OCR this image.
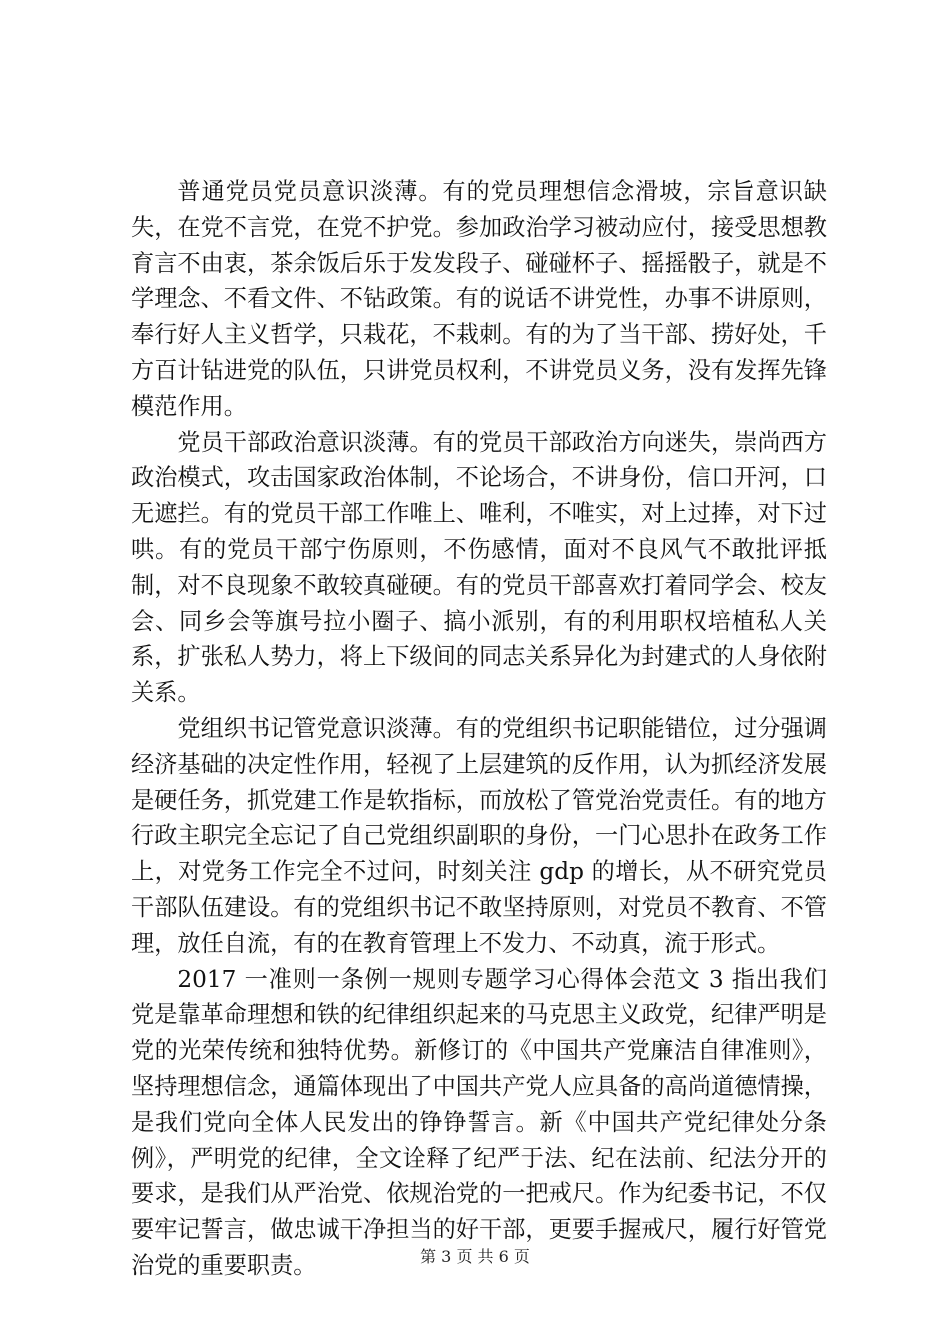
普通党员党员意识淡薄。有的党员理想信念滑坡，宗旨意识缺失，在党不言党，在党不护党。参加政治学习被动应付，接受思想教育言不由衷，茶余饭后乐于发发段子、碰碰杯子、摇摇骰子，就是不学理念、不看文件、不钻政策。有的说话不讲党性，办事不讲原则，奉行好人主义哲学，只栽花，不栽刺。有的为了当干部、捞好处，千方百计钻进党的队伍，只讲党员权利，不讲党员义务，没有发挥先锋模范作用。

党员干部政治意识淡薄。有的党员干部政治方向迷失，崇尚西方政治模式，攻击国家政治体制，不论场合，不讲身份，信口开河，口无遮拦。有的党员干部工作唯上、唯利，不唯实，对上过捧，对下过哄。有的党员干部宁伤原则，不伤感情，面对不良风气不敢批评抵制，对不良现象不敢较真碰硬。有的党员干部喜欢打着同学会、校友会、同乡会等旗号拉小圈子、搞小派别，有的利用职权培植私人关系，扩张私人势力，将上下级间的同志关系异化为封建式的人身依附关系。

党组织书记管党意识淡薄。有的党组织书记职能错位，过分强调经济基础的决定性作用，轻视了上层建筑的反作用，认为抓经济发展是硬任务，抓党建工作是软指标，而放松了管党治党责任。有的地方行政主职完全忘记了自己党组织副职的身份，一门心思扑在政务工作上，对党务工作完全不过问，时刻关注 gdp 的增长，从不研究党员干部队伍建设。有的党组织书记不敢坚持原则，对党员不教育、不管理，放任自流，有的在教育管理上不发力、不动真，流于形式。

2017 一准则一条例一规则专题学习心得体会范文 3 指出我们党是靠革命理想和铁的纪律组织起来的马克思主义政党，纪律严明是党的光荣传统和独特优势。新修订的《中国共产党廉洁自律准则》，坚持理想信念，通篇体现出了中国共产党人应具备的高尚道德情操，是我们党向全体人民发出的铮铮誓言。新《中国共产党纪律处分条例》，严明党的纪律，全文诠释了纪严于法、纪在法前、纪法分开的要求，是我们从严治党、依规治党的一把戒尺。作为纪委书记，不仅要牢记誓言，做忠诚干净担当的好干部，更要手握戒尺，履行好管党治党的重要职责。	第 3 页 共 6 页
